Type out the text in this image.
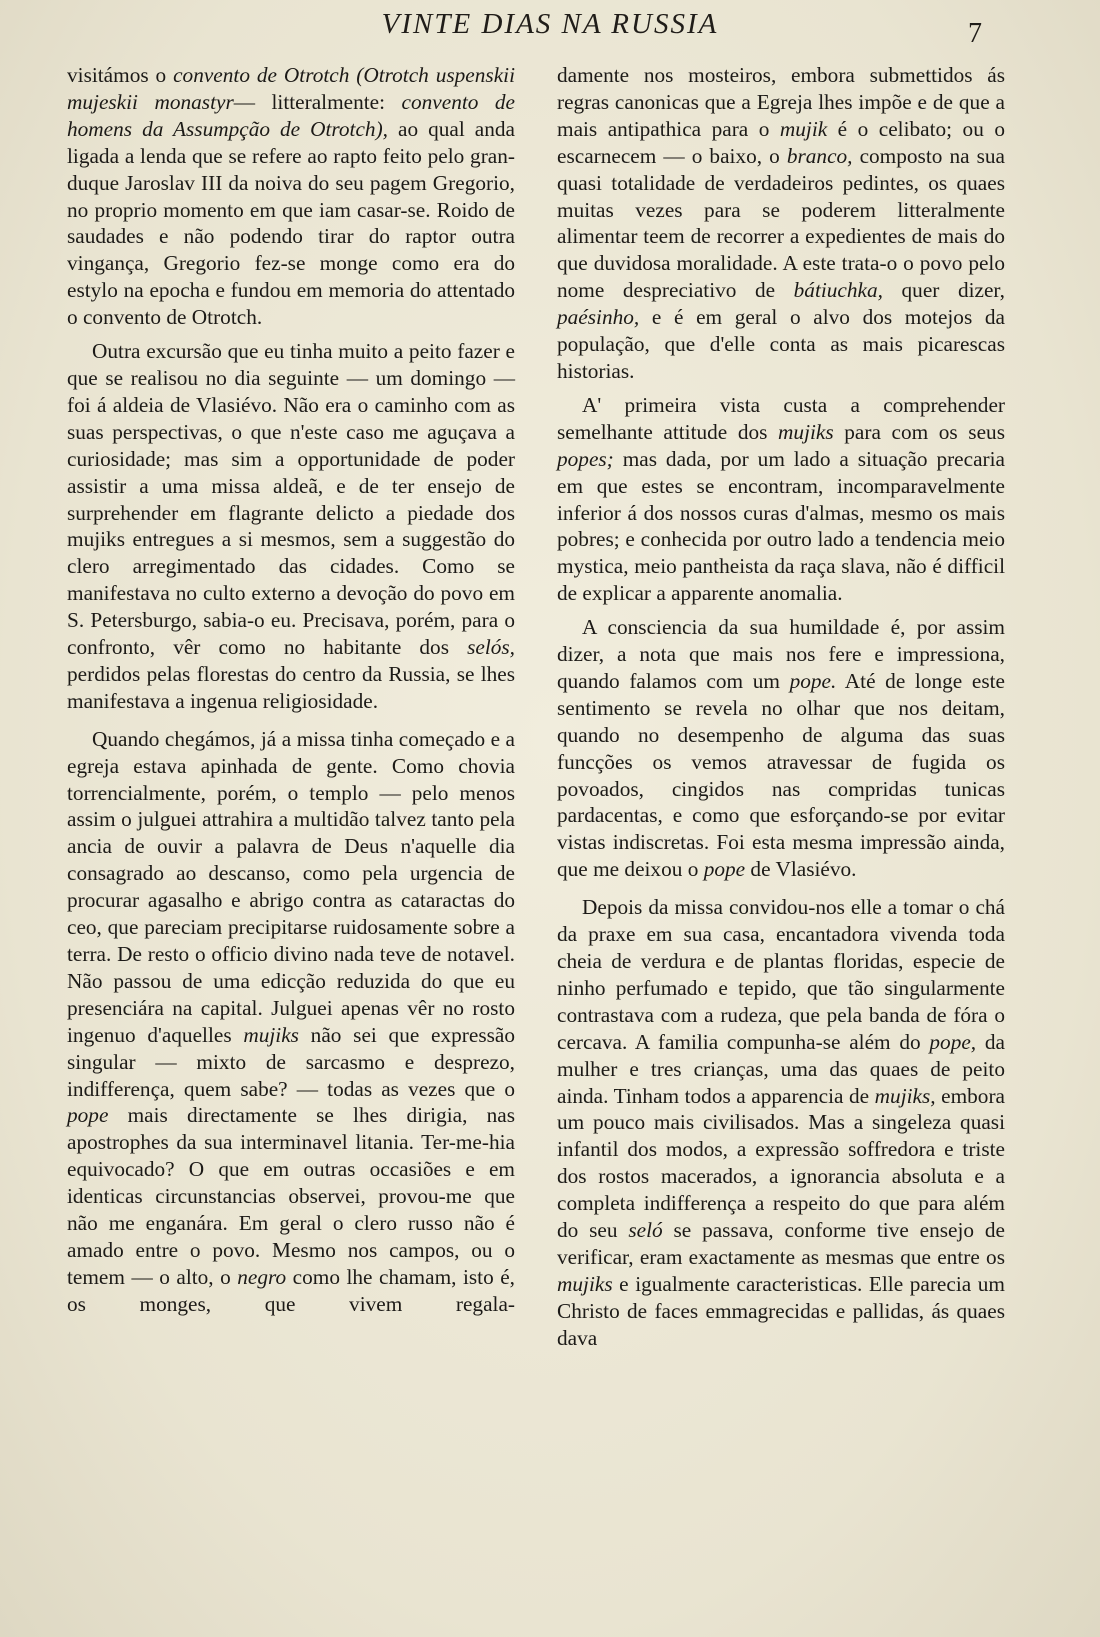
VINTE DIAS NA RUSSIA	7

visitámos o convento de Otrotch (Otrotch uspenskii mujeskii monastyr— litteralmente: convento de homens da Assumpção de Otrotch), ao qual anda ligada a lenda que se refere ao rapto feito pelo gran-duque Jaroslav III da noiva do seu pagem Gregorio, no proprio momento em que iam casar-se. Roido de saudades e não podendo tirar do raptor outra vingança, Gregorio fez-se monge como era do estylo na epocha e fundou em memoria do attentado o convento de Otrotch.

Outra excursão que eu tinha muito a peito fazer e que se realisou no dia seguinte — um domingo — foi á aldeia de Vlasiévo. Não era o caminho com as suas perspectivas, o que n'este caso me aguçava a curiosidade; mas sim a opportunidade de poder assistir a uma missa aldeã, e de ter ensejo de surprehender em flagrante delicto a piedade dos mujiks entregues a si mesmos, sem a suggestão do clero arregimentado das cidades. Como se manifestava no culto externo a devoção do povo em S. Petersburgo, sabia-o eu. Precisava, porém, para o confronto, vêr como no habitante dos selós, perdidos pelas florestas do centro da Russia, se lhes manifestava a ingenua religiosidade.

Quando chegámos, já a missa tinha começado e a egreja estava apinhada de gente. Como chovia torrencialmente, porém, o templo — pelo menos assim o julguei attrahira a multidão talvez tanto pela ancia de ouvir a palavra de Deus n'aquelle dia consagrado ao descanso, como pela urgencia de procurar agasalho e abrigo contra as cataractas do ceo, que pareciam precipitarse ruidosamente sobre a terra. De resto o officio divino nada teve de notavel. Não passou de uma edicção reduzida do que eu presenciára na capital. Julguei apenas vêr no rosto ingenuo d'aquelles mujiks não sei que expressão singular — mixto de sarcasmo e desprezo, indifferença, quem sabe? — todas as vezes que o pope mais directamente se lhes dirigia, nas apostrophes da sua interminavel litania. Ter-me-hia equivocado? O que em outras occasiões e em identicas circunstancias observei, provou-me que não me enganára. Em geral o clero russo não é amado entre o povo. Mesmo nos campos, ou o temem — o alto, o negro como lhe chamam, isto é, os monges, que vivem regala-

damente nos mosteiros, embora submettidos ás regras canonicas que a Egreja lhes impõe e de que a mais antipathica para o mujik é o celibato; ou o escarnecem — o baixo, o branco, composto na sua quasi totalidade de verdadeiros pedintes, os quaes muitas vezes para se poderem litteralmente alimentar teem de recorrer a expedientes de mais do que duvidosa moralidade. A este trata-o o povo pelo nome despreciativo de bátiuchka, quer dizer, paésinho, e é em geral o alvo dos motejos da população, que d'elle conta as mais picarescas historias.

A' primeira vista custa a comprehender semelhante attitude dos mujiks para com os seus popes; mas dada, por um lado a situação precaria em que estes se encontram, incomparavelmente inferior á dos nossos curas d'almas, mesmo os mais pobres; e conhecida por outro lado a tendencia meio mystica, meio pantheista da raça slava, não é difficil de explicar a apparente anomalia.

A consciencia da sua humildade é, por assim dizer, a nota que mais nos fere e impressiona, quando falamos com um pope. Até de longe este sentimento se revela no olhar que nos deitam, quando no desempenho de alguma das suas funcções os vemos atravessar de fugida os povoados, cingidos nas compridas tunicas pardacentas, e como que esforçando-se por evitar vistas indiscretas. Foi esta mesma impressão ainda, que me deixou o pope de Vlasiévo.

Depois da missa convidou-nos elle a tomar o chá da praxe em sua casa, encantadora vivenda toda cheia de verdura e de plantas floridas, especie de ninho perfumado e tepido, que tão singularmente contrastava com a rudeza, que pela banda de fóra o cercava. A familia compunha-se além do pope, da mulher e tres crianças, uma das quaes de peito ainda. Tinham todos a apparencia de mujiks, embora um pouco mais civilisados. Mas a singeleza quasi infantil dos modos, a expressão soffredora e triste dos rostos macerados, a ignorancia absoluta e a completa indifferença a respeito do que para além do seu seló se passava, conforme tive ensejo de verificar, eram exactamente as mesmas que entre os mujiks e igualmente caracteristicas. Elle parecia um Christo de faces emmagrecidas e pallidas, ás quaes dava
